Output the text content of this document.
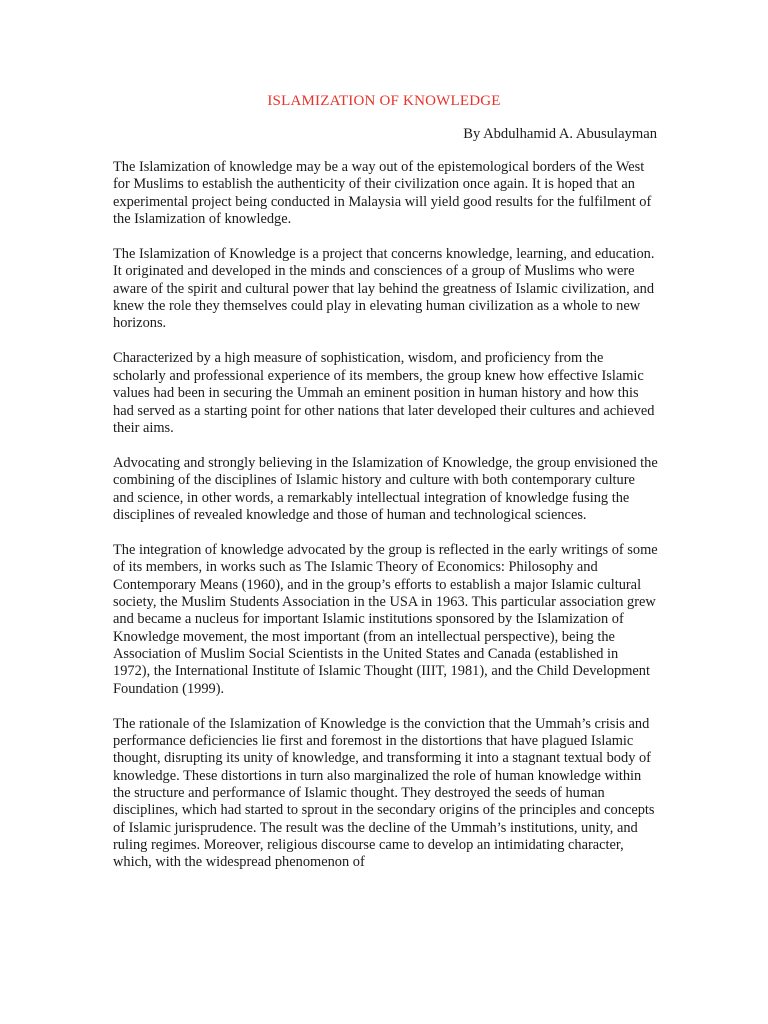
ISLAMIZATION OF KNOWLEDGE
By Abdulhamid A. Abusulayman

The Islamization of knowledge may be a way out of the epistemological borders of the West for Muslims to establish the authenticity of their civilization once again. It is hoped that an experimental project being conducted in Malaysia will yield good results for the fulfilment of the Islamization of knowledge.

The Islamization of Knowledge is a project that concerns knowledge, learning, and education. It originated and developed in the minds and consciences of a group of Muslims who were aware of the spirit and cultural power that lay behind the greatness of Islamic civilization, and knew the role they themselves could play in elevating human civilization as a whole to new horizons.

Characterized by a high measure of sophistication, wisdom, and proficiency from the scholarly and professional experience of its members, the group knew how effective Islamic values had been in securing the Ummah an eminent position in human history and how this had served as a starting point for other nations that later developed their cultures and achieved their aims.

Advocating and strongly believing in the Islamization of Knowledge, the group envisioned the combining of the disciplines of Islamic history and culture with both contemporary culture and science, in other words, a remarkably intellectual integration of knowledge fusing the disciplines of revealed knowledge and those of human and technological sciences.

The integration of knowledge advocated by the group is reflected in the early writings of some of its members, in works such as The Islamic Theory of Economics: Philosophy and Contemporary Means (1960), and in the group’s efforts to establish a major Islamic cultural society, the Muslim Students Association in the USA in 1963. This particular association grew and became a nucleus for important Islamic institutions sponsored by the Islamization of Knowledge movement, the most important (from an intellectual perspective), being the Association of Muslim Social Scientists in the United States and Canada (established in 1972), the International Institute of Islamic Thought (IIIT, 1981), and the Child Development Foundation (1999).

The rationale of the Islamization of Knowledge is the conviction that the Ummah’s crisis and performance deficiencies lie first and foremost in the distortions that have plagued Islamic thought, disrupting its unity of knowledge, and transforming it into a stagnant textual body of knowledge. These distortions in turn also marginalized the role of human knowledge within the structure and performance of Islamic thought. They destroyed the seeds of human disciplines, which had started to sprout in the secondary origins of the principles and concepts of Islamic jurisprudence. The result was the decline of the Ummah’s institutions, unity, and ruling regimes. Moreover, religious discourse came to develop an intimidating character, which, with the widespread phenomenon of
